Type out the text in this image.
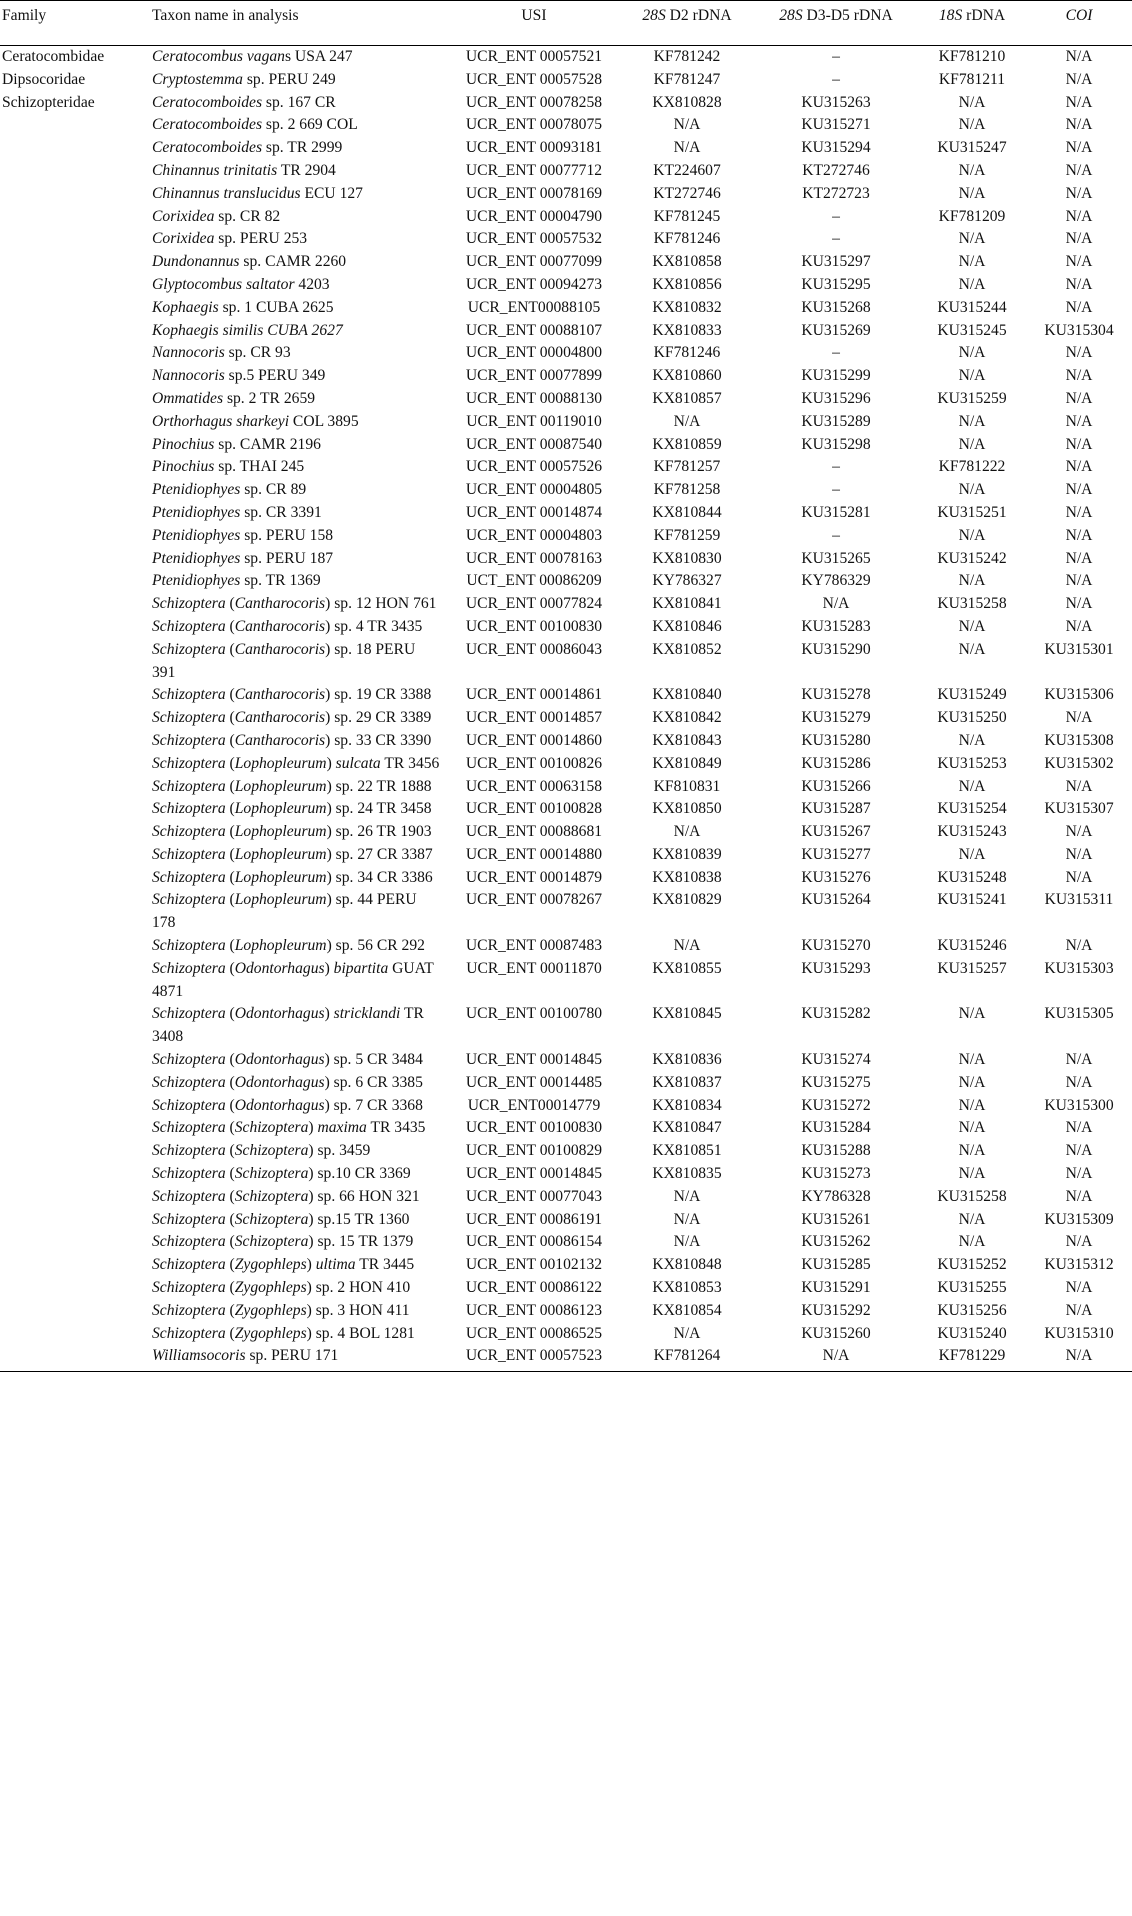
Family	Taxon name in analysis	USI	28S D2 rDNA	28S D3-D5 rDNA	18S rDNA	COI
Ceratocombidae	Ceratocombus vagans USA 247	UCR_ENT 00057521	KF781242	–	KF781210	N/A
Dipsocoridae	Cryptostemma sp. PERU 249	UCR_ENT 00057528	KF781247	–	KF781211	N/A
Schizopteridae	Ceratocomboides sp. 167 CR	UCR_ENT 00078258	KX810828	KU315263	N/A	N/A
	Ceratocomboides sp. 2 669 COL	UCR_ENT 00078075	N/A	KU315271	N/A	N/A
	Ceratocomboides sp. TR 2999	UCR_ENT 00093181	N/A	KU315294	KU315247	N/A
	Chinannus trinitatis TR 2904	UCR_ENT 00077712	KT224607	KT272746	N/A	N/A
	Chinannus translucidus ECU 127	UCR_ENT 00078169	KT272746	KT272723	N/A	N/A
	Corixidea sp. CR 82	UCR_ENT 00004790	KF781245	–	KF781209	N/A
	Corixidea sp. PERU 253	UCR_ENT 00057532	KF781246	–	N/A	N/A
	Dundonannus sp. CAMR 2260	UCR_ENT 00077099	KX810858	KU315297	N/A	N/A
	Glyptocombus saltator 4203	UCR_ENT 00094273	KX810856	KU315295	N/A	N/A
	Kophaegis sp. 1 CUBA 2625	UCR_ENT00088105	KX810832	KU315268	KU315244	N/A
	Kophaegis similis CUBA 2627	UCR_ENT 00088107	KX810833	KU315269	KU315245	KU315304
	Nannocoris sp. CR 93	UCR_ENT 00004800	KF781246	–	N/A	N/A
	Nannocoris sp.5 PERU 349	UCR_ENT 00077899	KX810860	KU315299	N/A	N/A
	Ommatides sp. 2 TR 2659	UCR_ENT 00088130	KX810857	KU315296	KU315259	N/A
	Orthorhagus sharkeyi COL 3895	UCR_ENT 00119010	N/A	KU315289	N/A	N/A
	Pinochius sp. CAMR 2196	UCR_ENT 00087540	KX810859	KU315298	N/A	N/A
	Pinochius sp. THAI 245	UCR_ENT 00057526	KF781257	–	KF781222	N/A
	Ptenidiophyes sp. CR 89	UCR_ENT 00004805	KF781258	–	N/A	N/A
	Ptenidiophyes sp. CR 3391	UCR_ENT 00014874	KX810844	KU315281	KU315251	N/A
	Ptenidiophyes sp. PERU 158	UCR_ENT 00004803	KF781259	–	N/A	N/A
	Ptenidiophyes sp. PERU 187	UCR_ENT 00078163	KX810830	KU315265	KU315242	N/A
	Ptenidiophyes sp. TR 1369	UCT_ENT 00086209	KY786327	KY786329	N/A	N/A
	Schizoptera (Cantharocoris) sp. 12 HON 761	UCR_ENT 00077824	KX810841	N/A	KU315258	N/A
	Schizoptera (Cantharocoris) sp. 4 TR 3435	UCR_ENT 00100830	KX810846	KU315283	N/A	N/A
	Schizoptera (Cantharocoris) sp. 18 PERU 391	UCR_ENT 00086043	KX810852	KU315290	N/A	KU315301
	Schizoptera (Cantharocoris) sp. 19 CR 3388	UCR_ENT 00014861	KX810840	KU315278	KU315249	KU315306
	Schizoptera (Cantharocoris) sp. 29 CR 3389	UCR_ENT 00014857	KX810842	KU315279	KU315250	N/A
	Schizoptera (Cantharocoris) sp. 33 CR 3390	UCR_ENT 00014860	KX810843	KU315280	N/A	KU315308
	Schizoptera (Lophopleurum) sulcata TR 3456	UCR_ENT 00100826	KX810849	KU315286	KU315253	KU315302
	Schizoptera (Lophopleurum) sp. 22 TR 1888	UCR_ENT 00063158	KF810831	KU315266	N/A	N/A
	Schizoptera (Lophopleurum) sp. 24 TR 3458	UCR_ENT 00100828	KX810850	KU315287	KU315254	KU315307
	Schizoptera (Lophopleurum) sp. 26 TR 1903	UCR_ENT 00088681	N/A	KU315267	KU315243	N/A
	Schizoptera (Lophopleurum) sp. 27 CR 3387	UCR_ENT 00014880	KX810839	KU315277	N/A	N/A
	Schizoptera (Lophopleurum) sp. 34 CR 3386	UCR_ENT 00014879	KX810838	KU315276	KU315248	N/A
	Schizoptera (Lophopleurum) sp. 44 PERU 178	UCR_ENT 00078267	KX810829	KU315264	KU315241	KU315311
	Schizoptera (Lophopleurum) sp. 56 CR 292	UCR_ENT 00087483	N/A	KU315270	KU315246	N/A
	Schizoptera (Odontorhagus) bipartita GUAT 4871	UCR_ENT 00011870	KX810855	KU315293	KU315257	KU315303
	Schizoptera (Odontorhagus) stricklandi TR 3408	UCR_ENT 00100780	KX810845	KU315282	N/A	KU315305
	Schizoptera (Odontorhagus) sp. 5 CR 3484	UCR_ENT 00014845	KX810836	KU315274	N/A	N/A
	Schizoptera (Odontorhagus) sp. 6 CR 3385	UCR_ENT 00014485	KX810837	KU315275	N/A	N/A
	Schizoptera (Odontorhagus) sp. 7 CR 3368	UCR_ENT00014779	KX810834	KU315272	N/A	KU315300
	Schizoptera (Schizoptera) maxima TR 3435	UCR_ENT 00100830	KX810847	KU315284	N/A	N/A
	Schizoptera (Schizoptera) sp. 3459	UCR_ENT 00100829	KX810851	KU315288	N/A	N/A
	Schizoptera (Schizoptera) sp.10 CR 3369	UCR_ENT 00014845	KX810835	KU315273	N/A	N/A
	Schizoptera (Schizoptera) sp. 66 HON 321	UCR_ENT 00077043	N/A	KY786328	KU315258	N/A
	Schizoptera (Schizoptera) sp.15 TR 1360	UCR_ENT 00086191	N/A	KU315261	N/A	KU315309
	Schizoptera (Schizoptera) sp. 15 TR 1379	UCR_ENT 00086154	N/A	KU315262	N/A	N/A
	Schizoptera (Zygophleps) ultima TR 3445	UCR_ENT 00102132	KX810848	KU315285	KU315252	KU315312
	Schizoptera (Zygophleps) sp. 2 HON 410	UCR_ENT 00086122	KX810853	KU315291	KU315255	N/A
	Schizoptera (Zygophleps) sp. 3 HON 411	UCR_ENT 00086123	KX810854	KU315292	KU315256	N/A
	Schizoptera (Zygophleps) sp. 4 BOL 1281	UCR_ENT 00086525	N/A	KU315260	KU315240	KU315310
	Williamsocoris sp. PERU 171	UCR_ENT 00057523	KF781264	N/A	KF781229	N/A
